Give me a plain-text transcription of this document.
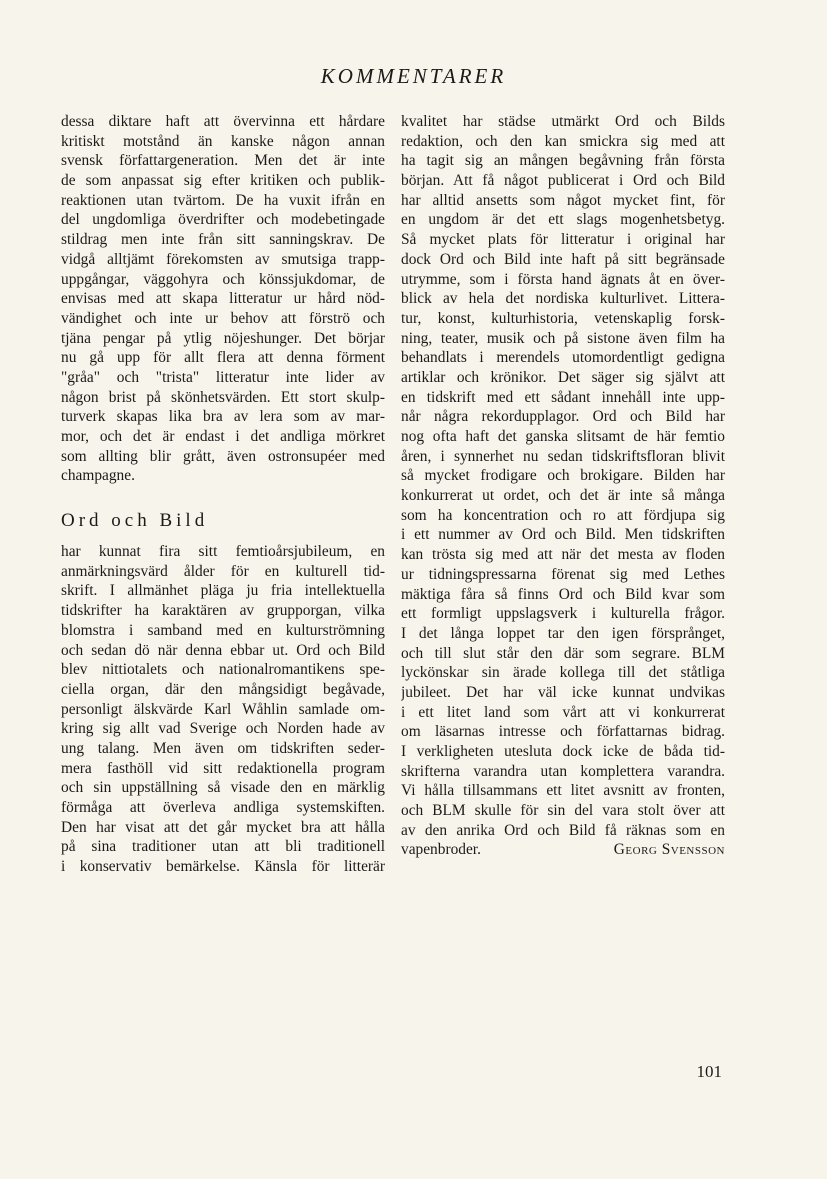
KOMMENTARER
dessa diktare haft att övervinna ett hårdare
kritiskt motstånd än kanske någon annan
svensk författargeneration. Men det är inte
de som anpassat sig efter kritiken och publik-
reaktionen utan tvärtom. De ha vuxit ifrån en
del ungdomliga överdrifter och modebetingade
stildrag men inte från sitt sanningskrav. De
vidgå alltjämt förekomsten av smutsiga trapp-
uppgångar, väggohyra och könssjukdomar, de
envisas med att skapa litteratur ur hård nöd-
vändighet och inte ur behov att förströ och
tjäna pengar på ytlig nöjeshunger. Det börjar
nu gå upp för allt flera att denna förment
"gråa" och "trista" litteratur inte lider av
någon brist på skönhetsvärden. Ett stort skulp-
turverk skapas lika bra av lera som av mar-
mor, och det är endast i det andliga mörkret
som allting blir grått, även ostronsupéer med
champagne.
Ord och Bild
har kunnat fira sitt femtioårsjubileum, en
anmärkningsvärd ålder för en kulturell tid-
skrift. I allmänhet pläga ju fria intellektuella
tidskrifter ha karaktären av grupporgan, vilka
blomstra i samband med en kulturströmning
och sedan dö när denna ebbar ut. Ord och Bild
blev nittiotalets och nationalromantikens spe-
ciella organ, där den mångsidigt begåvade,
personligt älskvärde Karl Wåhlin samlade om-
kring sig allt vad Sverige och Norden hade av
ung talang. Men även om tidskriften seder-
mera fasthöll vid sitt redaktionella program
och sin uppställning så visade den en märklig
förmåga att överleva andliga systemskiften.
Den har visat att det går mycket bra att hålla
på sina traditioner utan att bli traditionell
i konservativ bemärkelse. Känsla för litterär
kvalitet har städse utmärkt Ord och Bilds
redaktion, och den kan smickra sig med att
ha tagit sig an mången begåvning från första
början. Att få något publicerat i Ord och Bild
har alltid ansetts som något mycket fint, för
en ungdom är det ett slags mogenhetsbetyg.
Så mycket plats för litteratur i original har
dock Ord och Bild inte haft på sitt begränsade
utrymme, som i första hand ägnats åt en över-
blick av hela det nordiska kulturlivet. Littera-
tur, konst, kulturhistoria, vetenskaplig forsk-
ning, teater, musik och på sistone även film ha
behandlats i merendels utomordentligt gedigna
artiklar och krönikor. Det säger sig självt att
en tidskrift med ett sådant innehåll inte upp-
når några rekordupplagor. Ord och Bild har
nog ofta haft det ganska slitsamt de här femtio
åren, i synnerhet nu sedan tidskriftsfloran blivit
så mycket frodigare och brokigare. Bilden har
konkurrerat ut ordet, och det är inte så många
som ha koncentration och ro att fördjupa sig
i ett nummer av Ord och Bild. Men tidskriften
kan trösta sig med att när det mesta av floden
ur tidningspressarna förenat sig med Lethes
mäktiga fåra så finns Ord och Bild kvar som
ett formligt uppslagsverk i kulturella frågor.
I det långa loppet tar den igen försprånget,
och till slut står den där som segrare. BLM
lyckönskar sin ärade kollega till det ståtliga
jubileet. Det har väl icke kunnat undvikas
i ett litet land som vårt att vi konkurrerat
om läsarnas intresse och författarnas bidrag.
I verkligheten utesluta dock icke de båda tid-
skrifterna varandra utan komplettera varandra.
Vi hålla tillsammans ett litet avsnitt av fronten,
och BLM skulle för sin del vara stolt över att
av den anrika Ord och Bild få räknas som en
vapenbroder.	Georg Svensson
101
